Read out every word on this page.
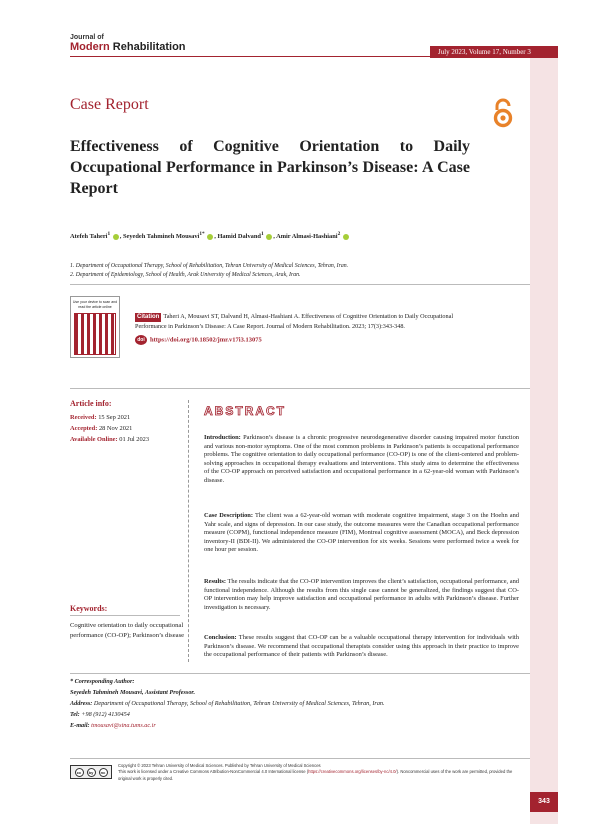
Journal of
Modern Rehabilitation	July 2023, Volume 17, Number 3
Case Report
Effectiveness of Cognitive Orientation to Daily Occupational Performance in Parkinson’s Disease: A Case Report
Atefeh Taheri$^1$ , Seyedeh Tahmineh Mousavi$^{1*}$ , Hamid Dalvand$^1$ , Amir Almasi-Hashiani$^2$
1. Department of Occupational Therapy, School of Rehabilitation, Tehran University of Medical Sciences, Tehran, Iran.
2. Department of Epidemiology, School of Health, Arak University of Medical Sciences, Arak, Iran.
Use your device to scan and read the article online
Citation Taheri A, Mousavi ST, Dalvand H, Almasi-Hashiani A. Effectiveness of Cognitive Orientation to Daily Occupational Performance in Parkinson’s Disease: A Case Report. Journal of Modern Rehabilitation. 2023; 17(3):343-348.
doi https://doi.org/10.18502/jmr.v17i3.13075
Article info:
Received: 15 Sep 2021
Accepted: 28 Nov 2021
Available Online: 01 Jul 2023
Keywords:
Cognitive orientation to daily occupational performance (CO-OP); Parkinson’s disease
ABSTRACT
Introduction: Parkinson’s disease is a chronic progressive neurodegenerative disorder causing impaired motor function and various non-motor symptoms. One of the most common problems in Parkinson’s patients is occupational performance problems. The cognitive orientation to daily occupational performance (CO-OP) is one of the client-centered and problem-solving approaches in occupational therapy evaluations and interventions. This study aims to determine the effectiveness of the CO-OP approach on perceived satisfaction and occupational performance in a 62-year-old woman with Parkinson’s disease.
Case Description: The client was a 62-year-old woman with moderate cognitive impairment, stage 3 on the Hoehn and Yahr scale, and signs of depression. In our case study, the outcome measures were the Canadian occupational performance measure (COPM), functional independence measure (FIM), Montreal cognitive assessment (MOCA), and Beck depression inventory-II (BDI-II). We administered the CO-OP intervention for six weeks. Sessions were performed twice a week for one hour per session.
Results: The results indicate that the CO-OP intervention improves the client’s satisfaction, occupational performance, and functional independence. Although the results from this single case cannot be generalized, the findings suggest that CO-OP intervention may help improve satisfaction and occupational performance in adults with Parkinson’s disease. Further investigation is necessary.
Conclusion: These results suggest that CO-OP can be a valuable occupational therapy intervention for individuals with Parkinson’s disease. We recommend that occupational therapists consider using this approach in their practice to improve the occupational performance of their patients with Parkinson’s disease.
* Corresponding Author:
Seyedeh Tahmineh Mousavi, Assistant Professor.
Address: Department of Occupational Therapy, School of Rehabilitation, Tehran University of Medical Sciences, Tehran, Iran.
Tel: +98 (912) 4130454
E-mail: tmousavi@sina.tums.ac.ir
cc	by	nc
Copyright © 2023 Tehran University of Medical Sciences. Published by Tehran University of Medical Sciences
This work is licensed under a Creative Commons Attribution-NonCommercial 4.0 International license (https://creativecommons.org/licenses/by-nc/4.0/). Noncommercial uses of the work are permitted, provided the original work is properly cited.
343
